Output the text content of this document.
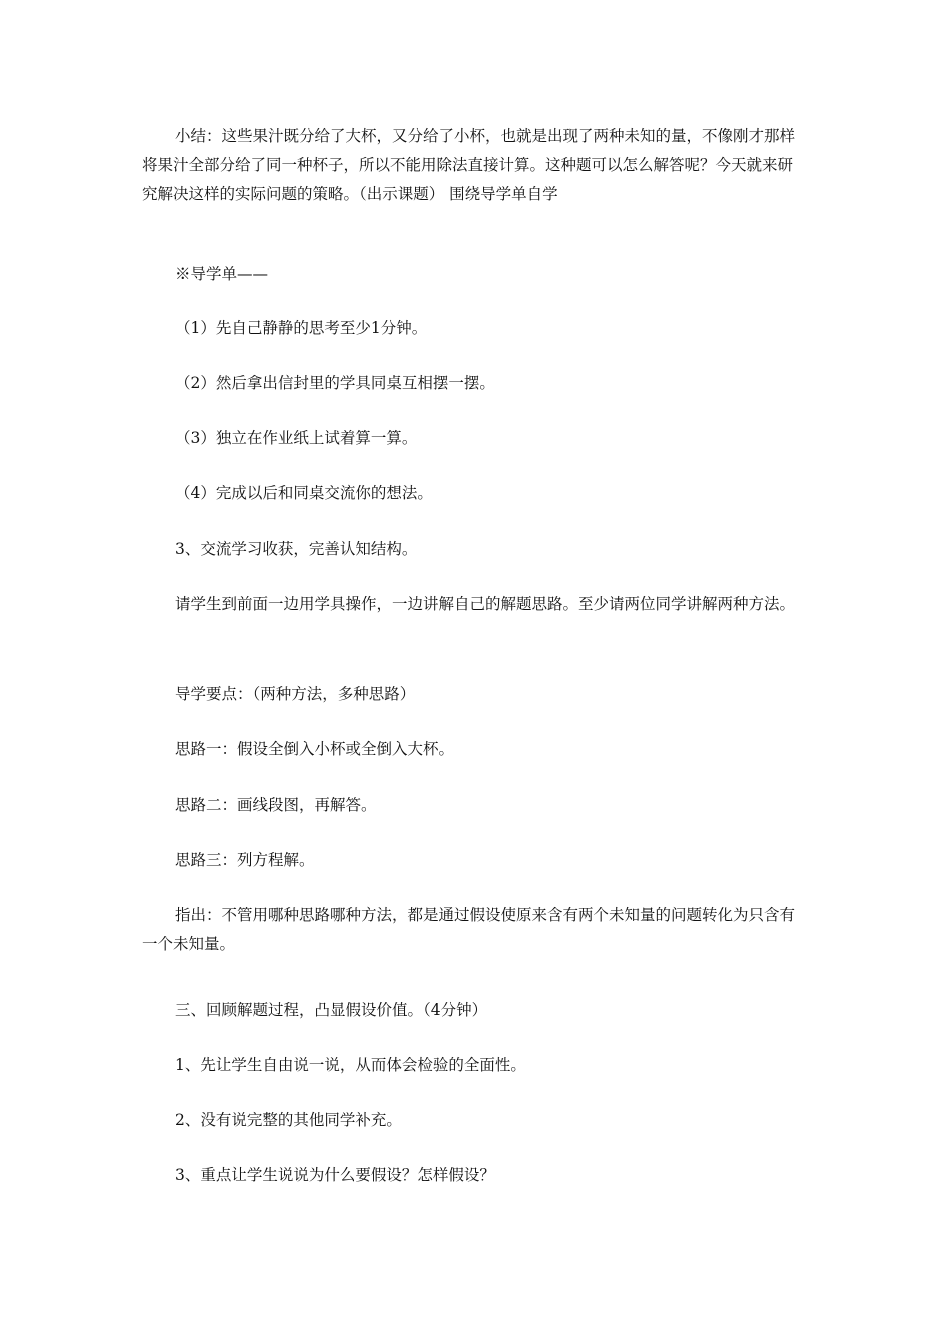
小结：这些果汁既分给了大杯，又分给了小杯，也就是出现了两种未知的量，不像刚才那样将果汁全部分给了同一种杯子，所以不能用除法直接计算。这种题可以怎么解答呢？今天就来研究解决这样的实际问题的策略。（出示课题） 围绕导学单自学

※导学单——

（1）先自己静静的思考至少1分钟。

（2）然后拿出信封里的学具同桌互相摆一摆。

（3）独立在作业纸上试着算一算。

（4）完成以后和同桌交流你的想法。

3、交流学习收获，完善认知结构。

请学生到前面一边用学具操作，一边讲解自己的解题思路。至少请两位同学讲解两种方法。

导学要点：（两种方法，多种思路）

思路一：假设全倒入小杯或全倒入大杯。

思路二：画线段图，再解答。

思路三：列方程解。

指出：不管用哪种思路哪种方法，都是通过假设使原来含有两个未知量的问题转化为只含有一个未知量。

三、回顾解题过程，凸显假设价值。（4分钟）

1、先让学生自由说一说，从而体会检验的全面性。

2、没有说完整的其他同学补充。

3、重点让学生说说为什么要假设？怎样假设？
